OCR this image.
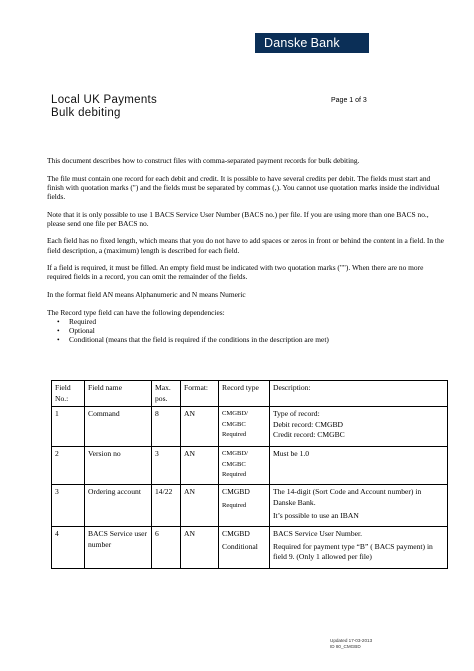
Danske Bank
Local UK Payments
Bulk debiting
Page 1 of 3

This document describes how to construct files with comma-separated payment records for bulk debiting.

The file must contain one record for each debit and credit. It is possible to have several credits per debit. The fields must start and finish with quotation marks (") and the fields must be separated by commas (,). You cannot use quotation marks inside the individual fields.

Note that it is only possible to use 1 BACS Service User Number (BACS no.) per file. If you are using more than one BACS no., please send one file per BACS no.

Each field has no fixed length, which means that you do not have to add spaces or zeros in front or behind the content in a field. In the field description, a (maximum) length is described for each field.

If a field is required, it must be filled. An empty field must be indicated with two quotation marks (""). When there are no more required fields in a record, you can omit the remainder of the fields.

In the format field AN means Alphanumeric and N means Numeric

The Record type field can have the following dependencies:

• Required
• Optional
• Conditional (means that the field is required if the conditions in the description are met)
Field
No.:	Field name	Max.
pos.	Format:	Record type	Description:
1	Command	8	AN	CMGBD/
CMGBC
Required	Type of record:
Debit record: CMGBD
Credit record: CMGBC

2	Version no	3	AN	CMGBD/
CMGBC
Required	Must be 1.0

3	Ordering account	14/22	AN	CMGBD
Required	The 14-digit (Sort Code and Account number) in Danske Bank.
It’s possible to use an IBAN

4	BACS Service user number	6	AN	CMGBD
Conditional	BACS Service User Number.
Required for payment type “B” ( BACS payment) in field 9. (Only 1 allowed per file)
Updated 17-03-2013
ID 80_CMGBD
